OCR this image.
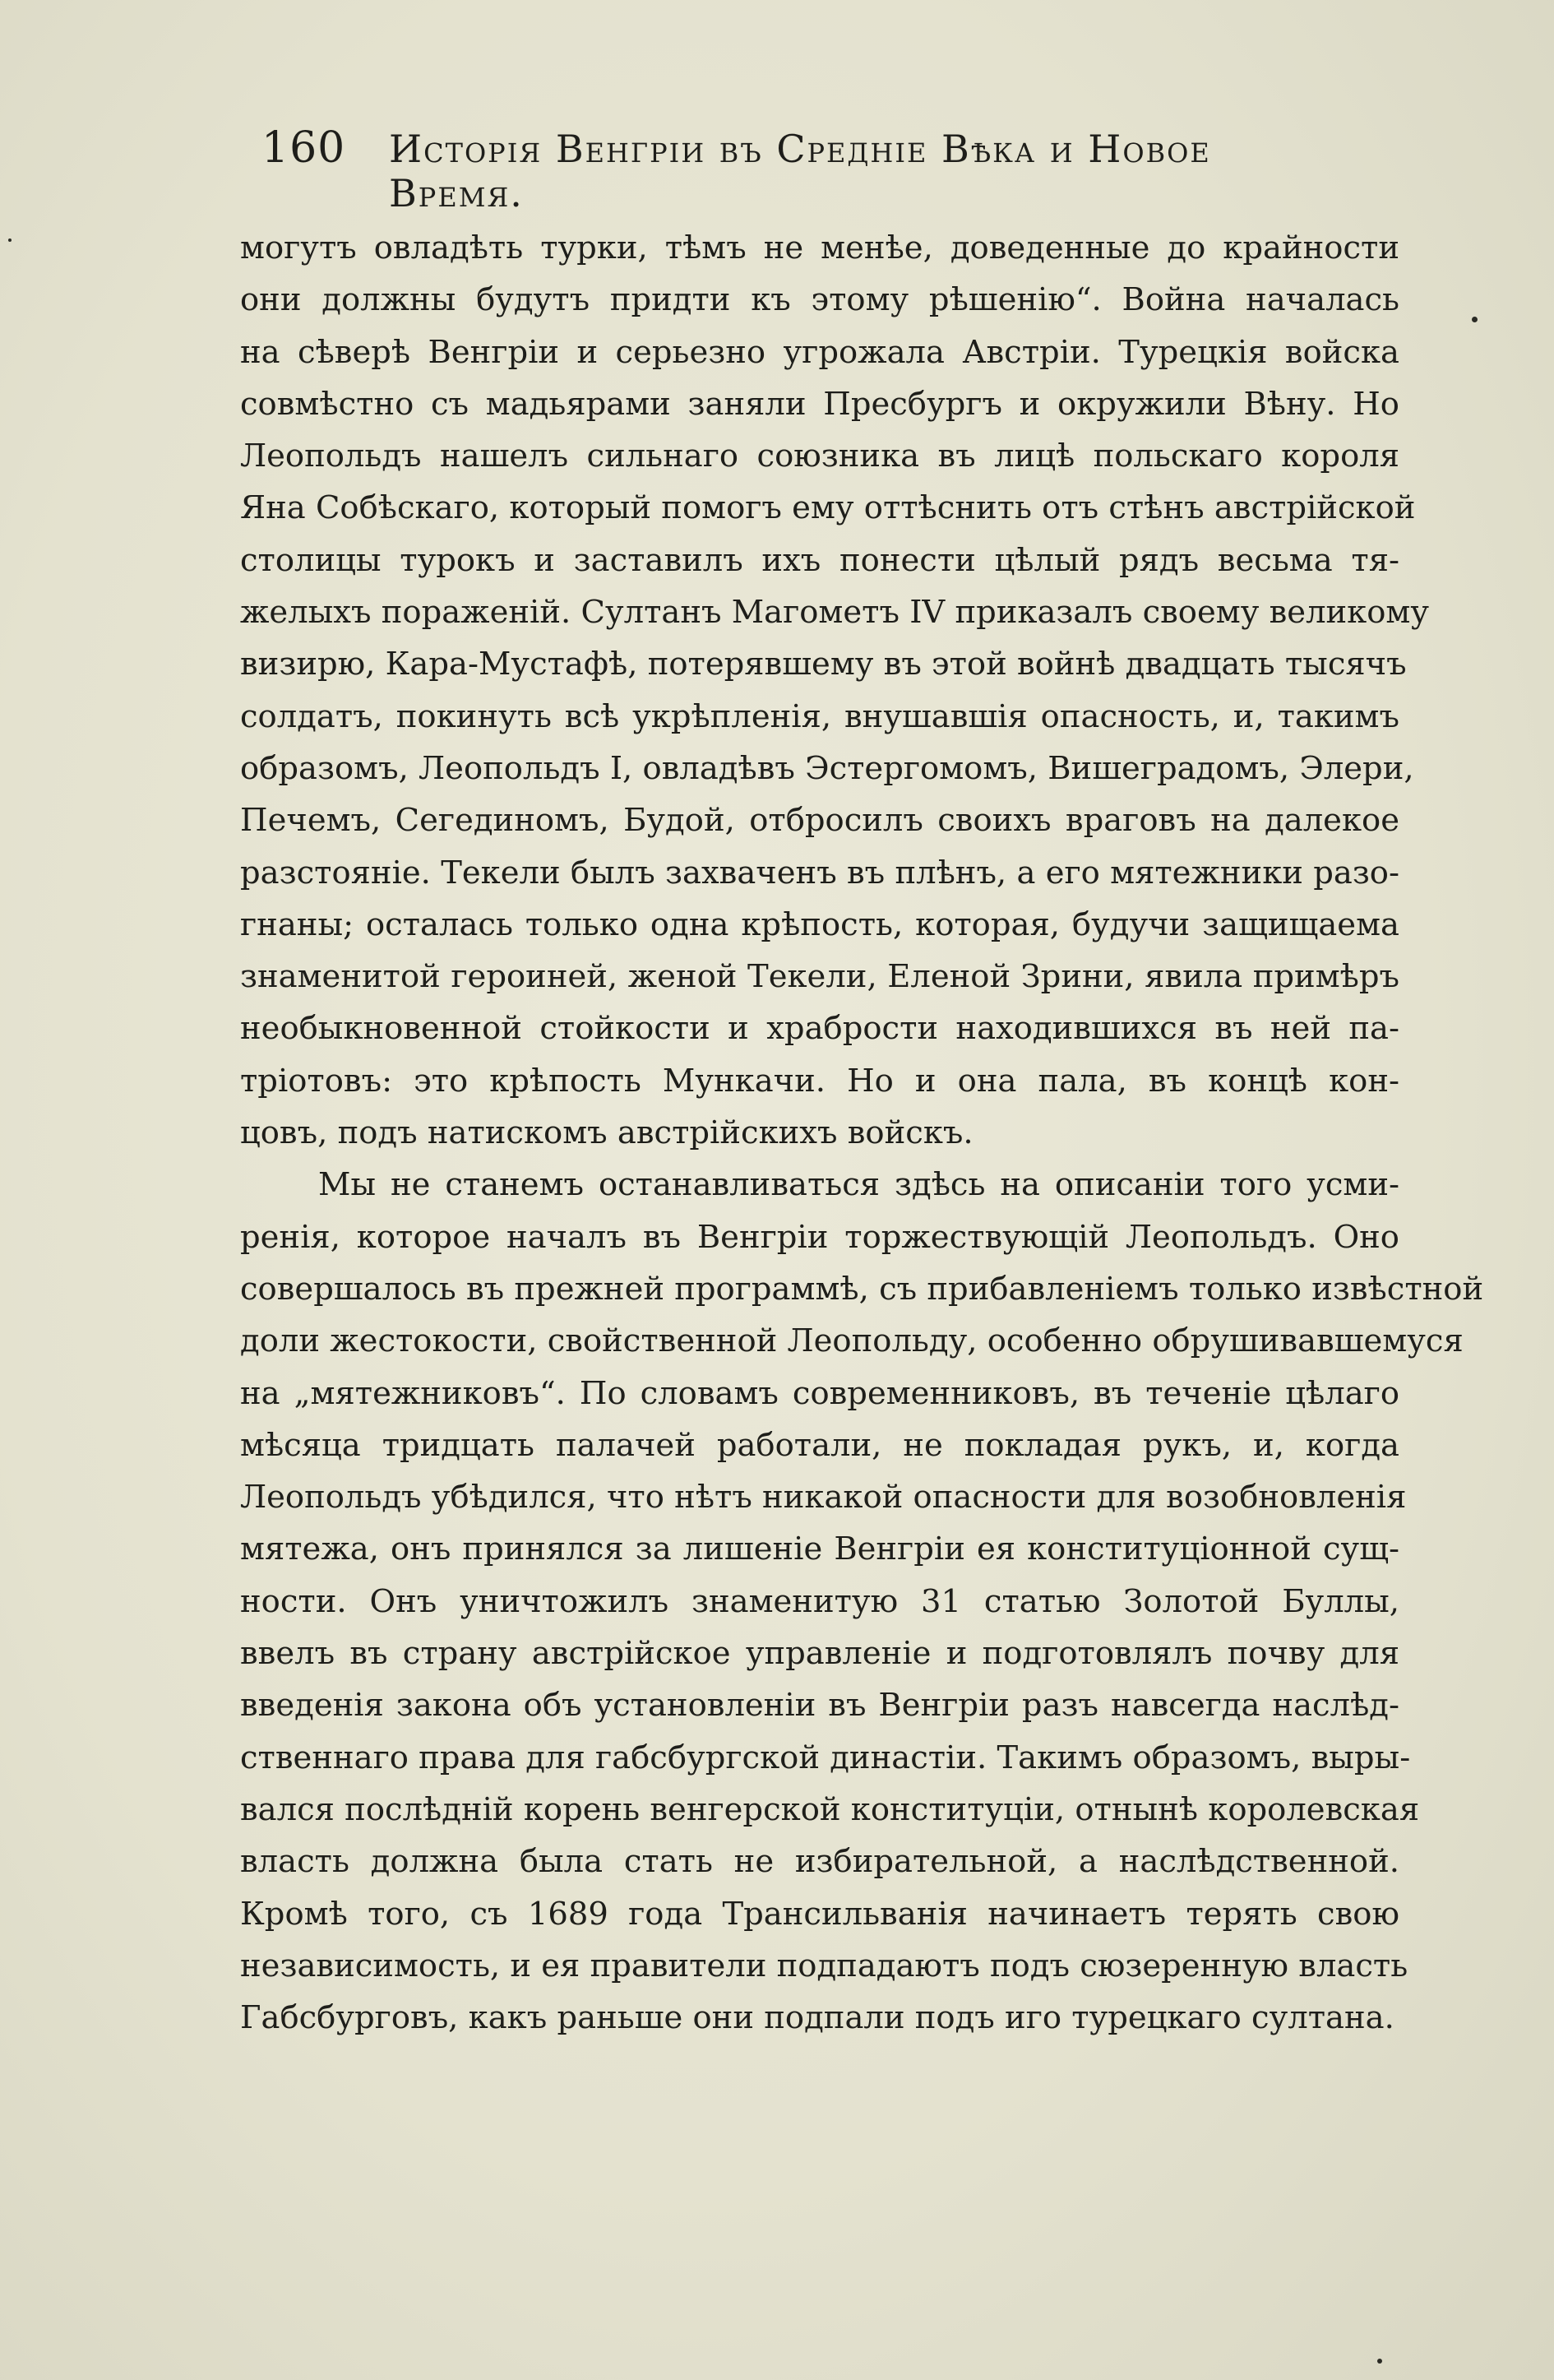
160 Исторія Венгріи въ Средніе Вѣка и Новое Время.

могутъ овладѣть турки, тѣмъ не менѣе, доведенные до крайности
они должны будутъ придти къ этому рѣшенію“. Война началась
на сѣверѣ Венгріи и серьезно угрожала Австріи. Турецкія войска
совмѣстно съ мадьярами заняли Пресбургъ и окружили Вѣну. Но
Леопольдъ нашелъ сильнаго союзника въ лицѣ польскаго короля
Яна Собѣскаго, который помогъ ему оттѣснить отъ стѣнъ австрійской
столицы турокъ и заставилъ ихъ понести цѣлый рядъ весьма тя-
желыхъ пораженій. Султанъ Магометъ IV приказалъ своему великому
визирю, Кара-Мустафѣ, потерявшему въ этой войнѣ двадцать тысячъ
солдатъ, покинуть всѣ укрѣпленія, внушавшія опасность, и, такимъ
образомъ, Леопольдъ I, овладѣвъ Эстергомомъ, Вишеградомъ, Элери,
Печемъ, Сегединомъ, Будой, отбросилъ своихъ враговъ на далекое
разстояніе. Текели былъ захваченъ въ плѣнъ, а его мятежники разо-
гнаны; осталась только одна крѣпость, которая, будучи защищаема
знаменитой героиней, женой Текели, Еленой Зрини, явила примѣръ
необыкновенной стойкости и храбрости находившихся въ ней па-
тріотовъ: это крѣпость Мункачи. Но и она пала, въ концѣ кон-
цовъ, подъ натискомъ австрійскихъ войскъ.

Мы не станемъ останавливаться здѣсь на описаніи того усми-
ренія, которое началъ въ Венгріи торжествующій Леопольдъ. Оно
совершалось въ прежней программѣ, съ прибавленіемъ только извѣстной
доли жестокости, свойственной Леопольду, особенно обрушивавшемуся
на „мятежниковъ“. По словамъ современниковъ, въ теченіе цѣлаго
мѣсяца тридцать палачей работали, не покладая рукъ, и, когда
Леопольдъ убѣдился, что нѣтъ никакой опасности для возобновленія
мятежа, онъ принялся за лишеніе Венгріи ея конституціонной сущ-
ности. Онъ уничтожилъ знаменитую 31 статью Золотой Буллы,
ввелъ въ страну австрійское управленіе и подготовлялъ почву для
введенія закона объ установленіи въ Венгріи разъ навсегда наслѣд-
ственнаго права для габсбургской династіи. Такимъ образомъ, выры-
вался послѣдній корень венгерской конституціи, отнынѣ королевская
власть должна была стать не избирательной, а наслѣдственной.
Кромѣ того, съ 1689 года Трансильванія начинаетъ терять свою
независимость, и ея правители подпадаютъ подъ сюзеренную власть
Габсбурговъ, какъ раньше они подпали подъ иго турецкаго султана.
